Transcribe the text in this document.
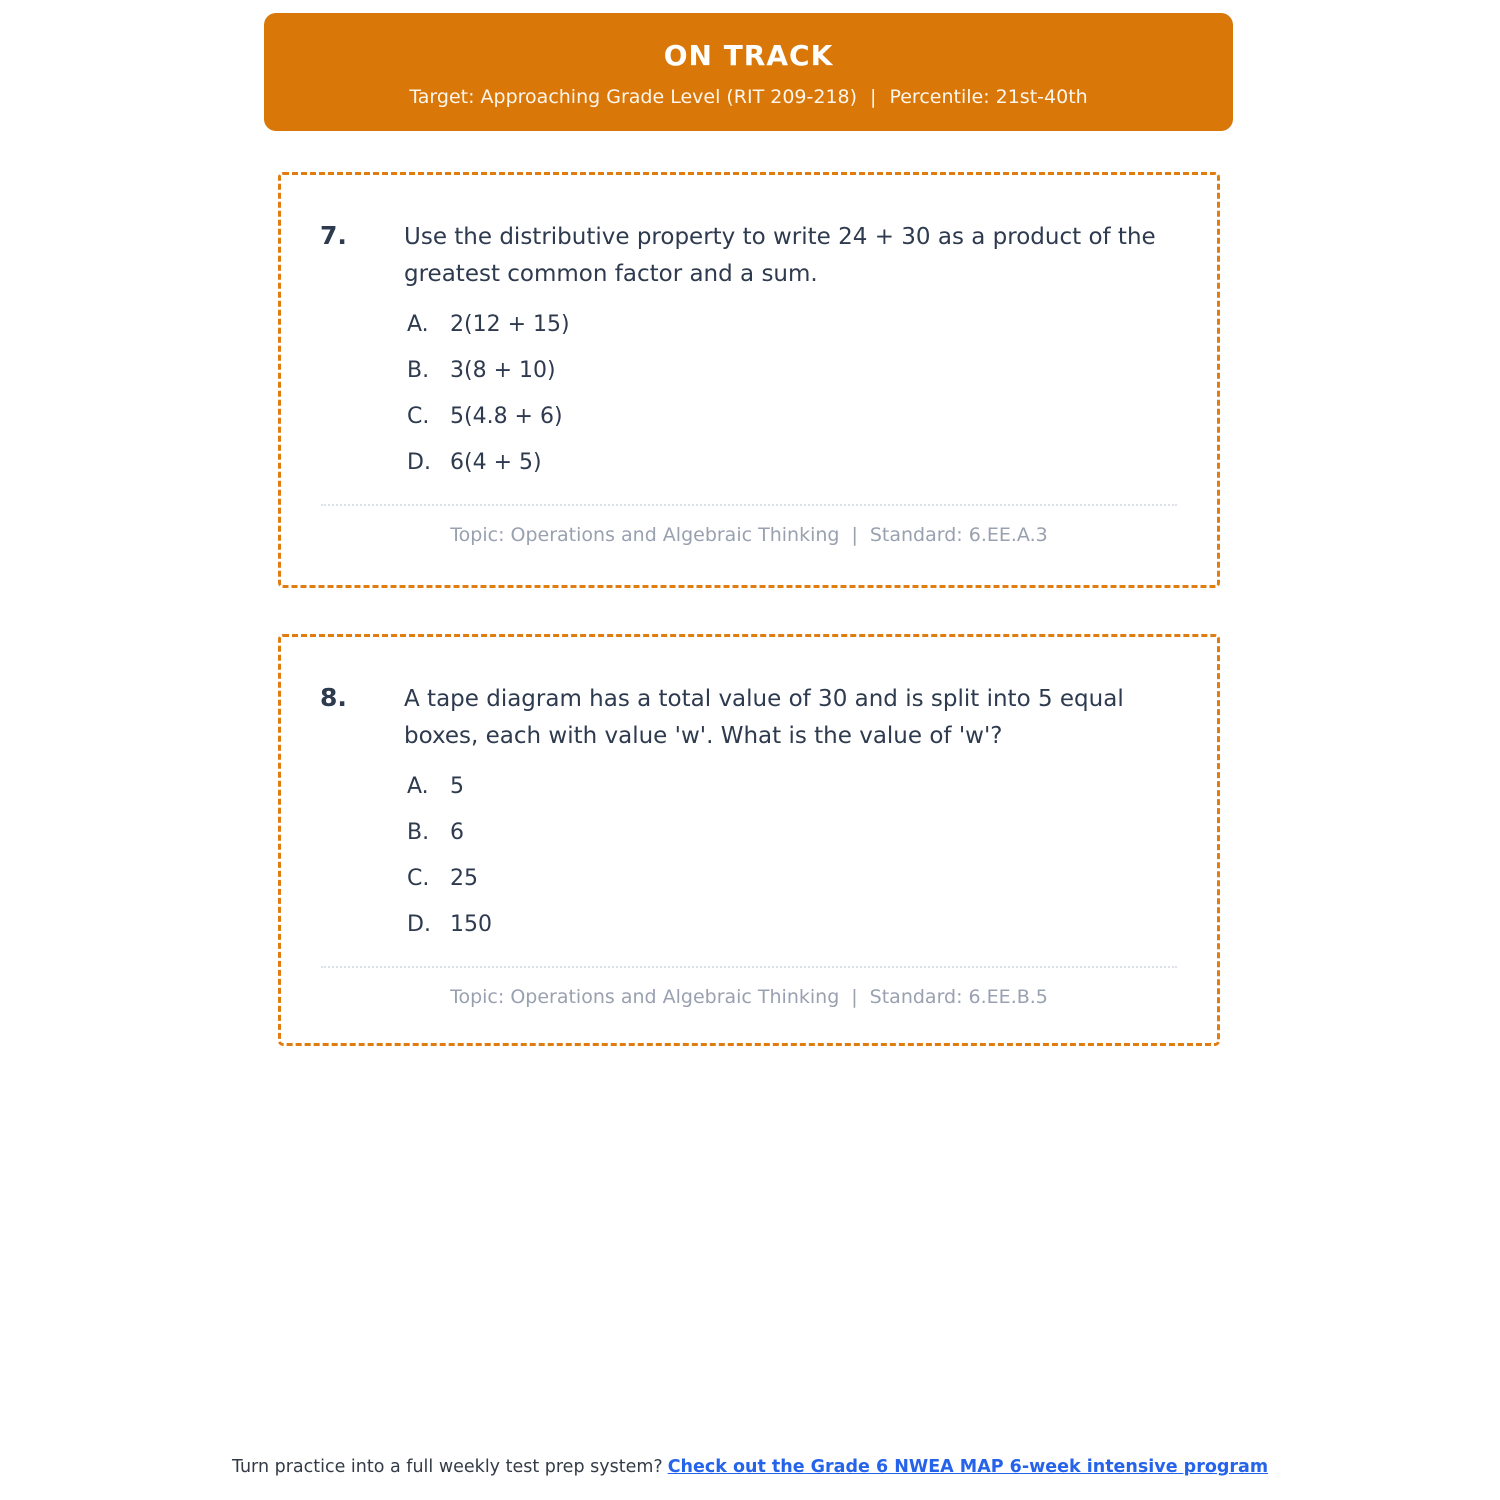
ON TRACK
Target: Approaching Grade Level (RIT 209-218) | Percentile: 21st-40th
7.	Use the distributive property to write 24 + 30 as a product of the greatest common factor and a sum.
A. 2(12 + 15)
B. 3(8 + 10)
C. 5(4.8 + 6)
D. 6(4 + 5)
Topic: Operations and Algebraic Thinking | Standard: 6.EE.A.3
8.	A tape diagram has a total value of 30 and is split into 5 equal boxes, each with value 'w'. What is the value of 'w'?
A. 5
B. 6
C. 25
D. 150
Topic: Operations and Algebraic Thinking | Standard: 6.EE.B.5
Turn practice into a full weekly test prep system? Check out the Grade 6 NWEA MAP 6-week intensive program
